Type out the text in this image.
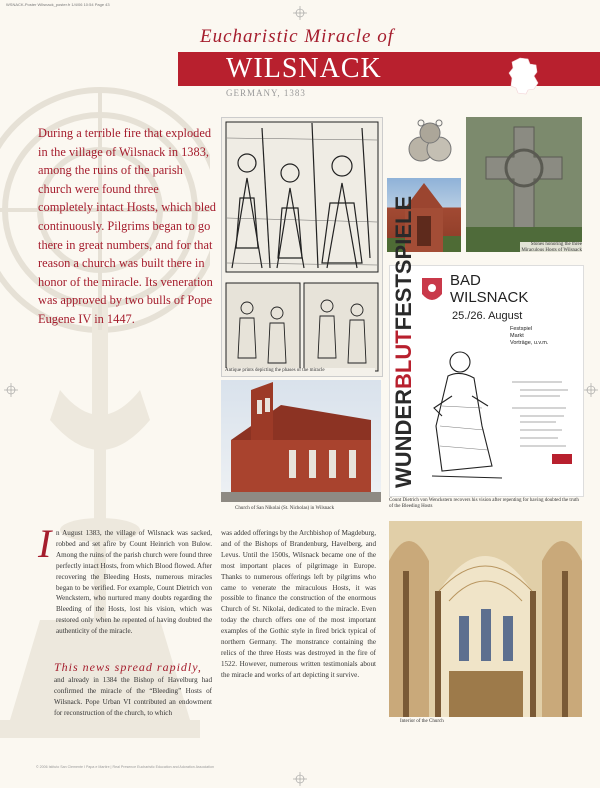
WSNACK-Poster Wilsnack_poster.fr 1/4/06 10:54 Page 43
Eucharistic Miracle of
WILSNACK
GERMANY, 1383
During a terrible fire that exploded in the village of Wilsnack in 1383, among the ruins of the parish church were found three completely intact Hosts, which bled continuously. Pilgrims began to go there in great numbers, and for that reason a church was built there in honor of the miracle. Its veneration was approved by two bulls of Pope Eugene IV in 1447.
Antique prints depicting the phases of the miracle
Stones honoring the three Miraculous Hosts of Wilsnack
Church of San Nikolai (St. Nicholas) in Wilsnack
WUNDERBLUTFESTSPIELE BAD
WILSNACK
25./26. August
Festspiel
Markt
Vorträge, u.v.m.
Count Dietrich von Wenckstern recovers his vision after repenting for having doubted the truth of the Bleeding Hosts
I n August 1383, the village of Wilsnack was sacked, robbed and set afire by Count Heinrich von Bulow. Among the ruins of the parish church were found three perfectly intact Hosts, from which Blood flowed. After recovering the Bleeding Hosts, numerous miracles began to be verified. For example, Count Dietrich von Wenckstern, who nurtured many doubts regarding the Bleeding of the Hosts, lost his vision, which was restored only when he repented of having doubted the authenticity of the miracle.
This news spread rapidly,
and already in 1384 the Bishop of Havelburg had confirmed the miracle of the “Bleeding” Hosts of Wilsnack. Pope Urban VI contributed an endowment for reconstruction of the church, to which
was added offerings by the Archbishop of Magdeburg, and of the Bishops of Brandenburg, Havelberg, and Levus. Until the 1500s, Wilsnack became one of the most important places of pilgrimage in Europe. Thanks to numerous offerings left by pilgrims who came to venerate the miraculous Hosts, it was possible to finance the construction of the enormous Church of St. Nikolai, dedicated to the miracle. Even today the church offers one of the most important examples of the Gothic style in fired brick typical of northern Germany. The monstrance containing the relics of the three Hosts was destroyed in the fire of 1522. However, numerous written testimonials about the miracle and works of art depicting it survive.
Interior of the Church
© 2006 Istituto San Clemente I Papa e Martire | Real Presence Eucharistic Education and Adoration Association
